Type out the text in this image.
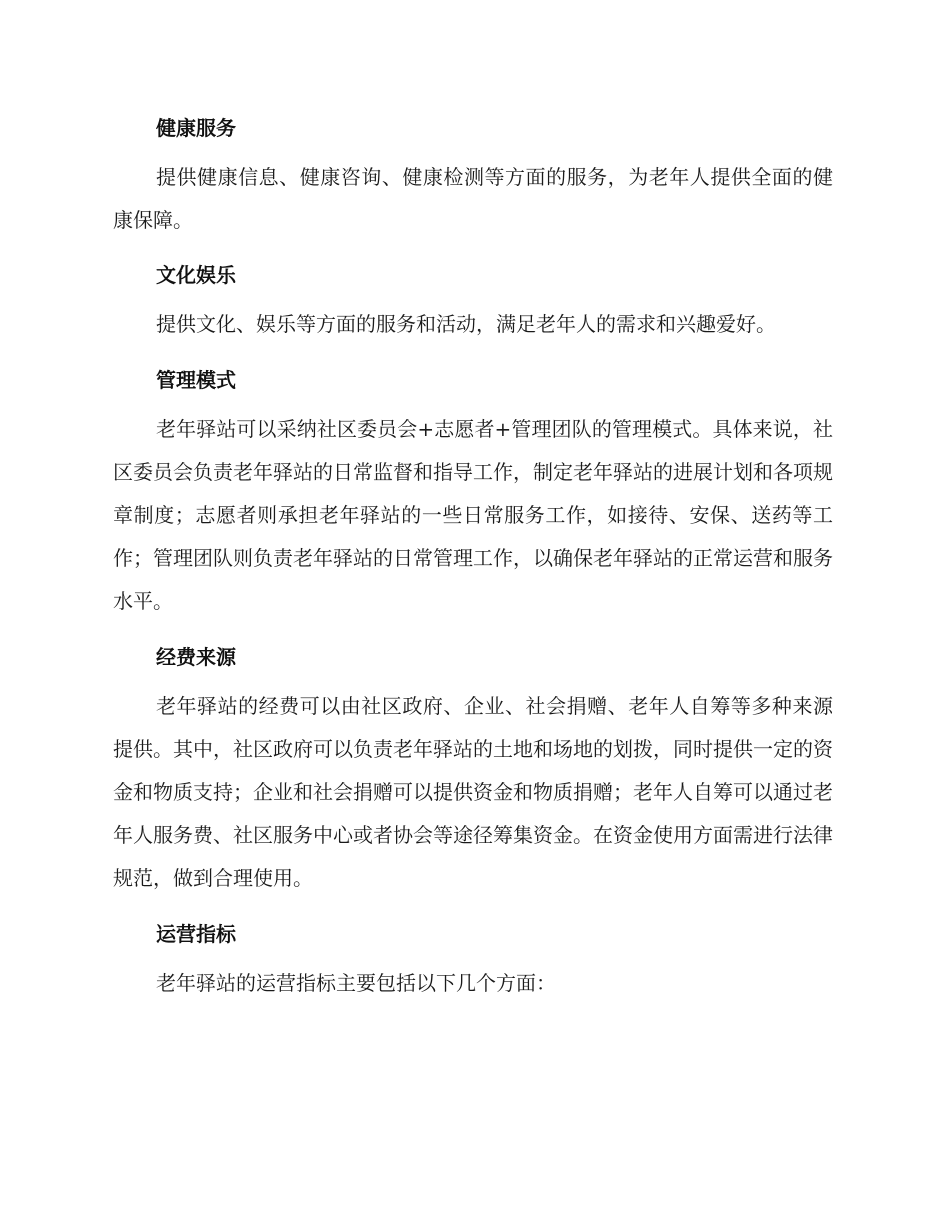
健康服务

提供健康信息、健康咨询、健康检测等方面的服务，为老年人提供全面的健康保障。

文化娱乐

提供文化、娱乐等方面的服务和活动，满足老年人的需求和兴趣爱好。

管理模式

老年驿站可以采纳社区委员会+志愿者+管理团队的管理模式。具体来说，社区委员会负责老年驿站的日常监督和指导工作，制定老年驿站的进展计划和各项规章制度；志愿者则承担老年驿站的一些日常服务工作，如接待、安保、送药等工作；管理团队则负责老年驿站的日常管理工作，以确保老年驿站的正常运营和服务水平。

经费来源

老年驿站的经费可以由社区政府、企业、社会捐赠、老年人自筹等多种来源提供。其中，社区政府可以负责老年驿站的土地和场地的划拨，同时提供一定的资金和物质支持；企业和社会捐赠可以提供资金和物质捐赠；老年人自筹可以通过老年人服务费、社区服务中心或者协会等途径筹集资金。在资金使用方面需进行法律规范，做到合理使用。

运营指标

老年驿站的运营指标主要包括以下几个方面：
